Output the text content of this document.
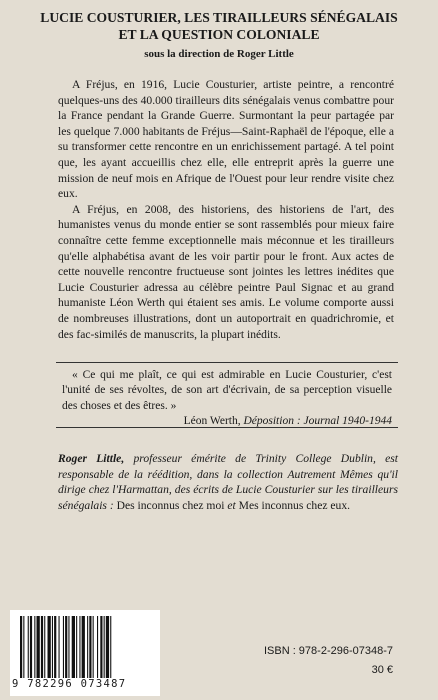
LUCIE COUSTURIER, LES TIRAILLEURS SÉNÉGALAIS
ET LA QUESTION COLONIALE
sous la direction de Roger Little

A Fréjus, en 1916, Lucie Cousturier, artiste peintre, a rencontré quelques-uns des 40.000 tirailleurs dits sénégalais venus combattre pour la France pendant la Grande Guerre. Surmontant la peur partagée par les quelque 7.000 habitants de Fréjus—Saint-Raphaël de l'époque, elle a su transformer cette rencontre en un enrichissement partagé. A tel point que, les ayant accueillis chez elle, elle entreprit après la guerre une mission de neuf mois en Afrique de l'Ouest pour leur rendre visite chez eux.

A Fréjus, en 2008, des historiens, des historiens de l'art, des humanistes venus du monde entier se sont rassemblés pour mieux faire connaître cette femme exceptionnelle mais méconnue et les tirailleurs qu'elle alphabétisa avant de les voir partir pour le front. Aux actes de cette nouvelle rencontre fructueuse sont jointes les lettres inédites que Lucie Cousturier adressa au célèbre peintre Paul Signac et au grand humaniste Léon Werth qui étaient ses amis. Le volume comporte aussi de nombreuses illustrations, dont un autoportrait en quadrichromie, et des fac-similés de manuscrits, la plupart inédits.

« Ce qui me plaît, ce qui est admirable en Lucie Cousturier, c'est l'unité de ses révoltes, de son art d'écrivain, de sa perception visuelle des choses et des êtres. »
Léon Werth, Déposition : Journal 1940-1944
Roger Little, professeur émérite de Trinity College Dublin, est responsable de la réédition, dans la collection Autrement Mêmes qu'il dirige chez l'Harmattan, des écrits de Lucie Cousturier sur les tirailleurs sénégalais : Des inconnus chez moi et Mes inconnus chez eux.
9 782296 073487
ISBN : 978-2-296-07348-7
30 €
